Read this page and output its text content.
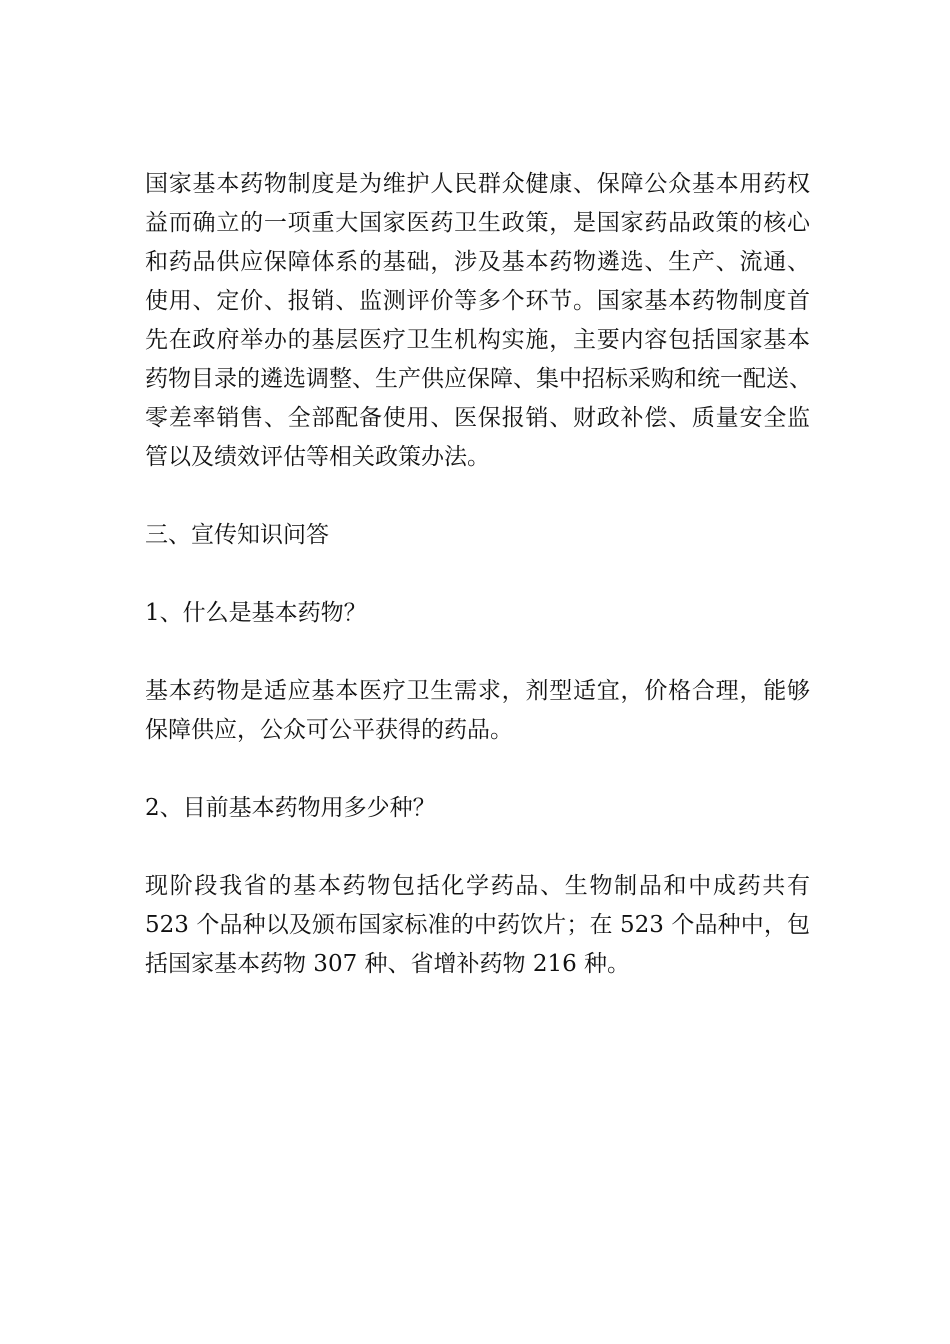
国家基本药物制度是为维护人民群众健康、保障公众基本用药权
益而确立的一项重大国家医药卫生政策，是国家药品政策的核心
和药品供应保障体系的基础，涉及基本药物遴选、生产、流通、
使用、定价、报销、监测评价等多个环节。国家基本药物制度首
先在政府举办的基层医疗卫生机构实施，主要内容包括国家基本
药物目录的遴选调整、生产供应保障、集中招标采购和统一配送、
零差率销售、全部配备使用、医保报销、财政补偿、质量安全监
管以及绩效评估等相关政策办法。
三、宣传知识问答
1、什么是基本药物？
基本药物是适应基本医疗卫生需求，剂型适宜，价格合理，能够
保障供应，公众可公平获得的药品。
2、目前基本药物用多少种？
现阶段我省的基本药物包括化学药品、生物制品和中成药共有
523 个品种以及颁布国家标准的中药饮片；在 523 个品种中，包
括国家基本药物 307 种、省增补药物 216 种。
